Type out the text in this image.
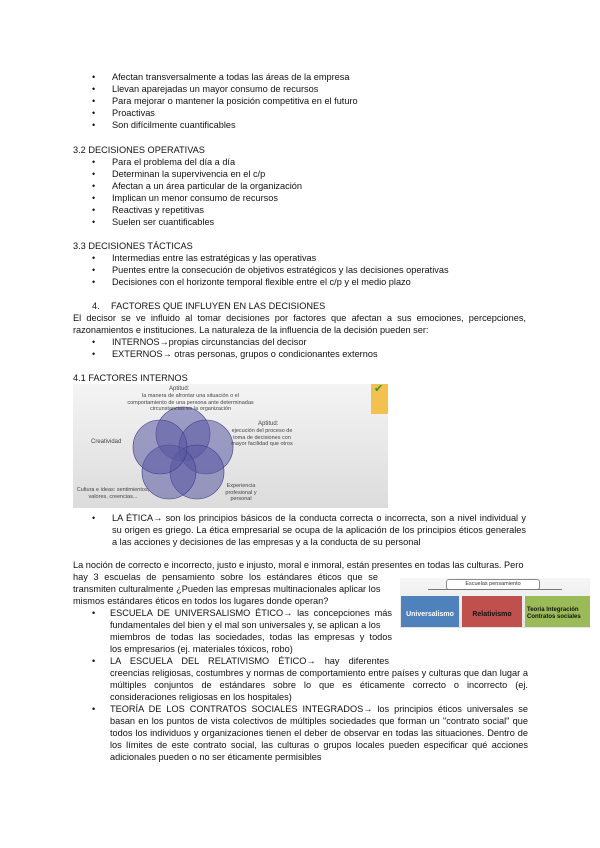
• Afectan transversalmente a todas las áreas de la empresa
• Llevan aparejadas un mayor consumo de recursos
• Para mejorar o mantener la posición competitiva en el futuro
• Proactivas
• Son difícilmente cuantificables
3.2 DECISIONES OPERATIVAS
• Para el problema del día a día
• Determinan la supervivencia en el c/p
• Afectan a un área particular de la organización
• Implican un menor consumo de recursos
• Reactivas y repetitivas
• Suelen ser cuantificables
3.3 DECISIONES TÁCTICAS
• Intermedias entre las estratégicas y las operativas
• Puentes entre la consecución de objetivos estratégicos y las decisiones operativas
• Decisiones con el horizonte temporal flexible entre el c/p y el medio plazo
4. FACTORES QUE INFLUYEN EN LAS DECISIONES
El decisor se ve influido al tomar decisiones por factores que afectan a sus emociones, percepciones, razonamientos e instituciones. La naturaleza de la influencia de la decisión pueden ser:
• INTERNOS→propias circunstancias del decisor
• EXTERNOS→ otras personas, grupos o condicionantes externos
4.1 FACTORES INTERNOS
✔
Aptitud:
la manera de afrontar una situación o el comportamiento de una persona ante determinadas circunstancias en la organización
Aptitud:
ejecución del proceso de toma de decisiones con mayor facilidad que otros
Creatividad
Experiencia profesional y personal
Cultura e ideas: sentimientos, valores, creencias...
• LA ÉTICA→ son los principios básicos de la conducta correcta o incorrecta, son a nivel individual y su origen es griego. La ética empresarial se ocupa de la aplicación de los principios éticos generales a las acciones y decisiones de las empresas y a la conducta de su personal
La noción de correcto e incorrecto, justo e injusto, moral e inmoral, están presentes en todas las culturas. Pero
hay 3 escuelas de pensamiento sobre los estándares éticos que se
transmiten culturalmente ¿Pueden las empresas multinacionales aplicar los
mismos estándares éticos en todos los lugares donde operan?
Escuelas pensamiento
Universalismo	Relativismo
Teoría Integración Contratos sociales
• ESCUELA DE UNIVERSALISMO ÉTICO→ las concepciones más
fundamentales del bien y el mal son universales y, se aplican a los
miembros de todas las sociedades, todas las empresas y todos
los empresarios (ej. materiales tóxicos, robo)
•	LA ESCUELA DEL RELATIVISMO ÉTICO→ hay diferentes
creencias religiosas, costumbres y normas de comportamiento entre países y culturas que dan lugar a múltiples conjuntos de estándares sobre lo que es éticamente correcto o incorrecto (ej. consideraciones religiosas en los hospitales)
•	TEORÍA DE LOS CONTRATOS SOCIALES INTEGRADOS→ los principios éticos universales se basan en los puntos de vista colectivos de múltiples sociedades que forman un "contrato social" que todos los individuos y organizaciones tienen el deber de observar en todas las situaciones. Dentro de los límites de este contrato social, las culturas o grupos locales pueden especificar qué acciones adicionales pueden o no ser éticamente permisibles
